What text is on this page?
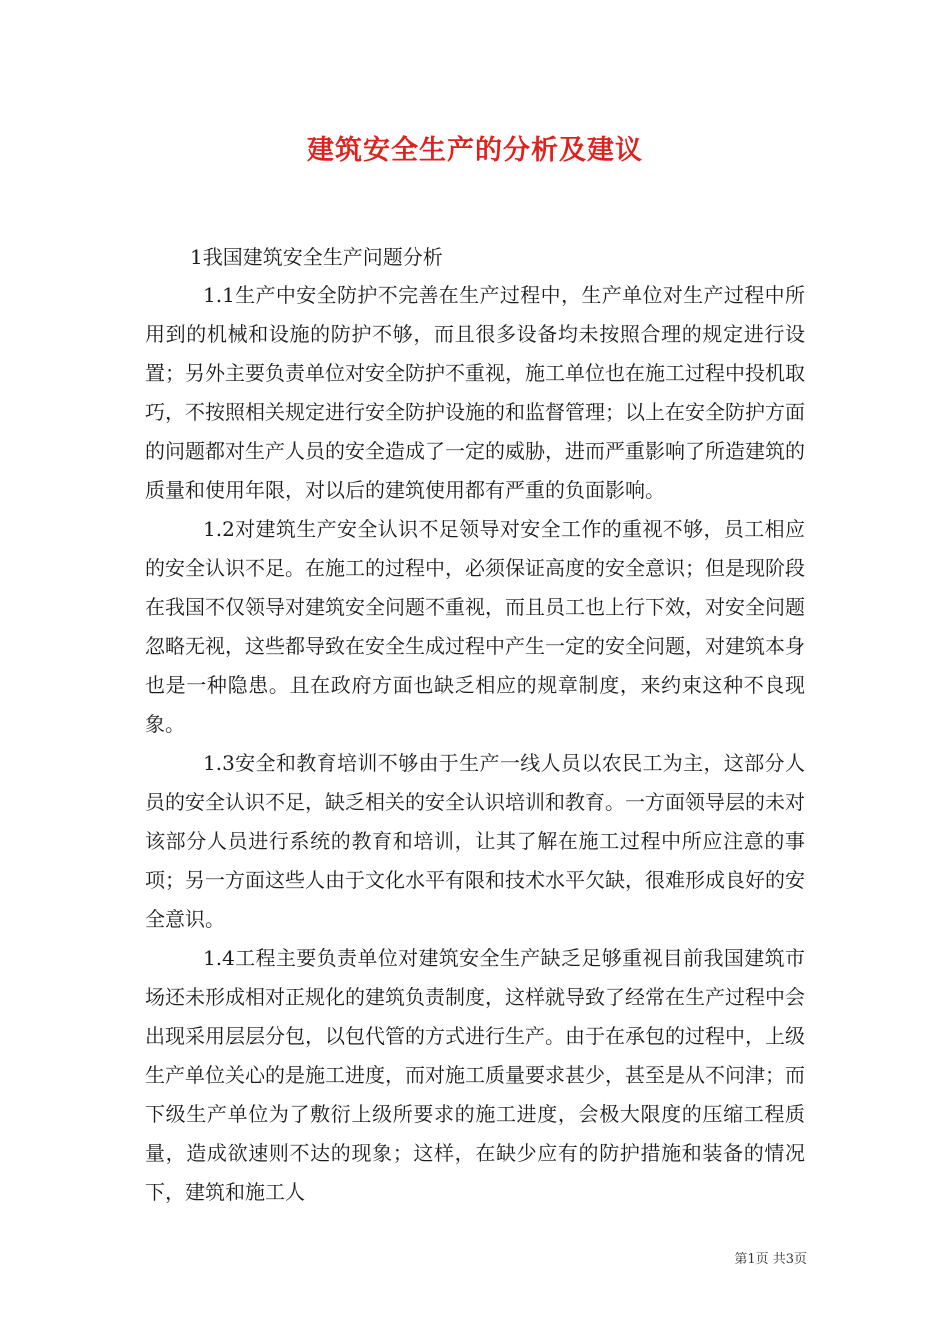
建筑安全生产的分析及建议
1我国建筑安全生产问题分析

1.1生产中安全防护不完善在生产过程中，生产单位对生产过程中所用到的机械和设施的防护不够，而且很多设备均未按照合理的规定进行设置；另外主要负责单位对安全防护不重视，施工单位也在施工过程中投机取巧，不按照相关规定进行安全防护设施的和监督管理；以上在安全防护方面的问题都对生产人员的安全造成了一定的威胁，进而严重影响了所造建筑的质量和使用年限，对以后的建筑使用都有严重的负面影响。

1.2对建筑生产安全认识不足领导对安全工作的重视不够，员工相应的安全认识不足。在施工的过程中，必须保证高度的安全意识；但是现阶段在我国不仅领导对建筑安全问题不重视，而且员工也上行下效，对安全问题忽略无视，这些都导致在安全生成过程中产生一定的安全问题，对建筑本身也是一种隐患。且在政府方面也缺乏相应的规章制度，来约束这种不良现象。

1.3安全和教育培训不够由于生产一线人员以农民工为主，这部分人员的安全认识不足，缺乏相关的安全认识培训和教育。一方面领导层的未对该部分人员进行系统的教育和培训，让其了解在施工过程中所应注意的事项；另一方面这些人由于文化水平有限和技术水平欠缺，很难形成良好的安全意识。

1.4工程主要负责单位对建筑安全生产缺乏足够重视目前我国建筑市场还未形成相对正规化的建筑负责制度，这样就导致了经常在生产过程中会出现采用层层分包，以包代管的方式进行生产。由于在承包的过程中，上级生产单位关心的是施工进度，而对施工质量要求甚少，甚至是从不问津；而下级生产单位为了敷衍上级所要求的施工进度，会极大限度的压缩工程质量，造成欲速则不达的现象；这样，在缺少应有的防护措施和装备的情况下，建筑和施工人

第1页 共3页
